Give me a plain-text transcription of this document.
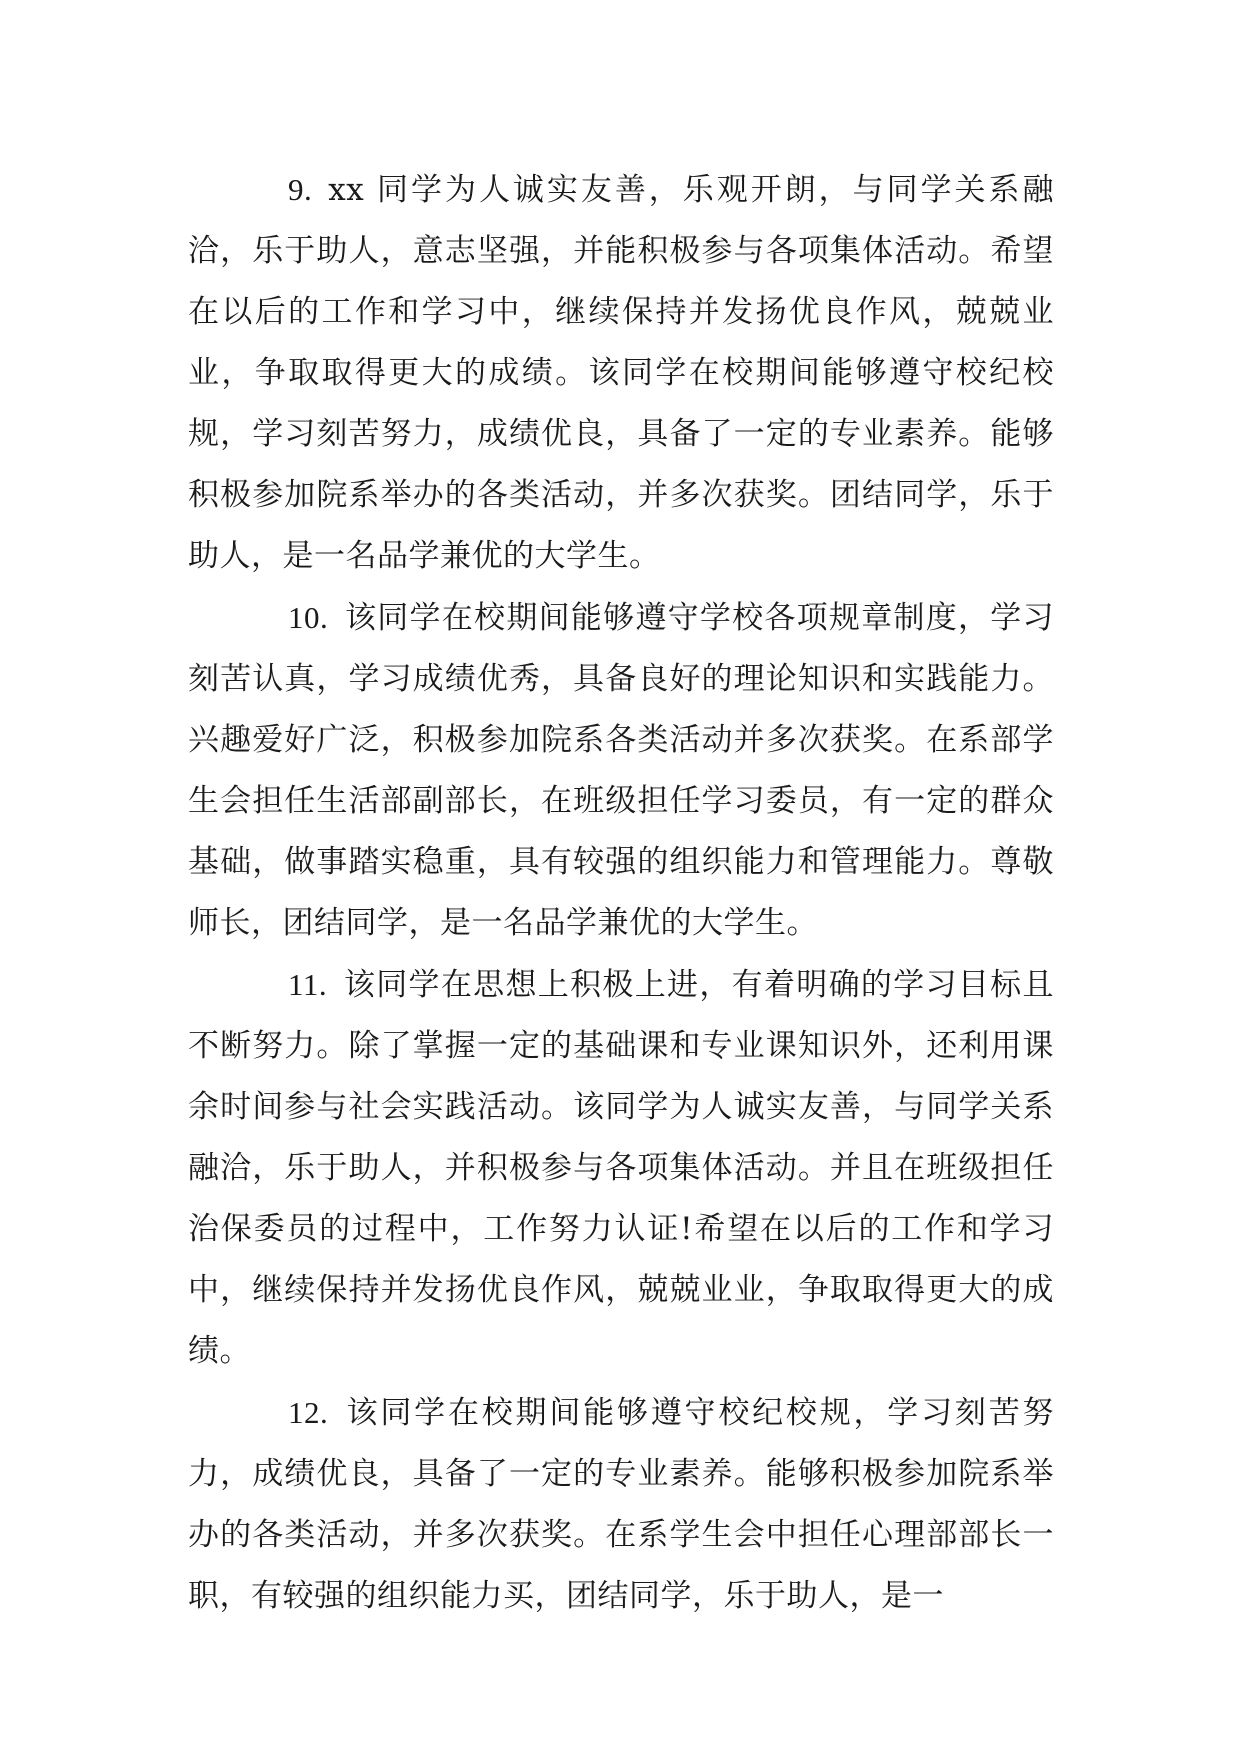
9.  xx 同学为人诚实友善，乐观开朗，与同学关系融洽，乐于助人，意志坚强，并能积极参与各项集体活动。希望在以后的工作和学习中，继续保持并发扬优良作风，兢兢业业，争取取得更大的成绩。该同学在校期间能够遵守校纪校规，学习刻苦努力，成绩优良，具备了一定的专业素养。能够积极参加院系举办的各类活动，并多次获奖。团结同学，乐于助人，是一名品学兼优的大学生。

10.  该同学在校期间能够遵守学校各项规章制度，学习刻苦认真，学习成绩优秀，具备良好的理论知识和实践能力。兴趣爱好广泛，积极参加院系各类活动并多次获奖。在系部学生会担任生活部副部长，在班级担任学习委员，有一定的群众基础，做事踏实稳重，具有较强的组织能力和管理能力。尊敬师长，团结同学，是一名品学兼优的大学生。

11.  该同学在思想上积极上进，有着明确的学习目标且不断努力。除了掌握一定的基础课和专业课知识外，还利用课余时间参与社会实践活动。该同学为人诚实友善，与同学关系融洽，乐于助人，并积极参与各项集体活动。并且在班级担任治保委员的过程中，工作努力认证!希望在以后的工作和学习中，继续保持并发扬优良作风，兢兢业业，争取取得更大的成绩。

12.  该同学在校期间能够遵守校纪校规，学习刻苦努力，成绩优良，具备了一定的专业素养。能够积极参加院系举办的各类活动，并多次获奖。在系学生会中担任心理部部长一职，有较强的组织能力买，团结同学，乐于助人，是一
